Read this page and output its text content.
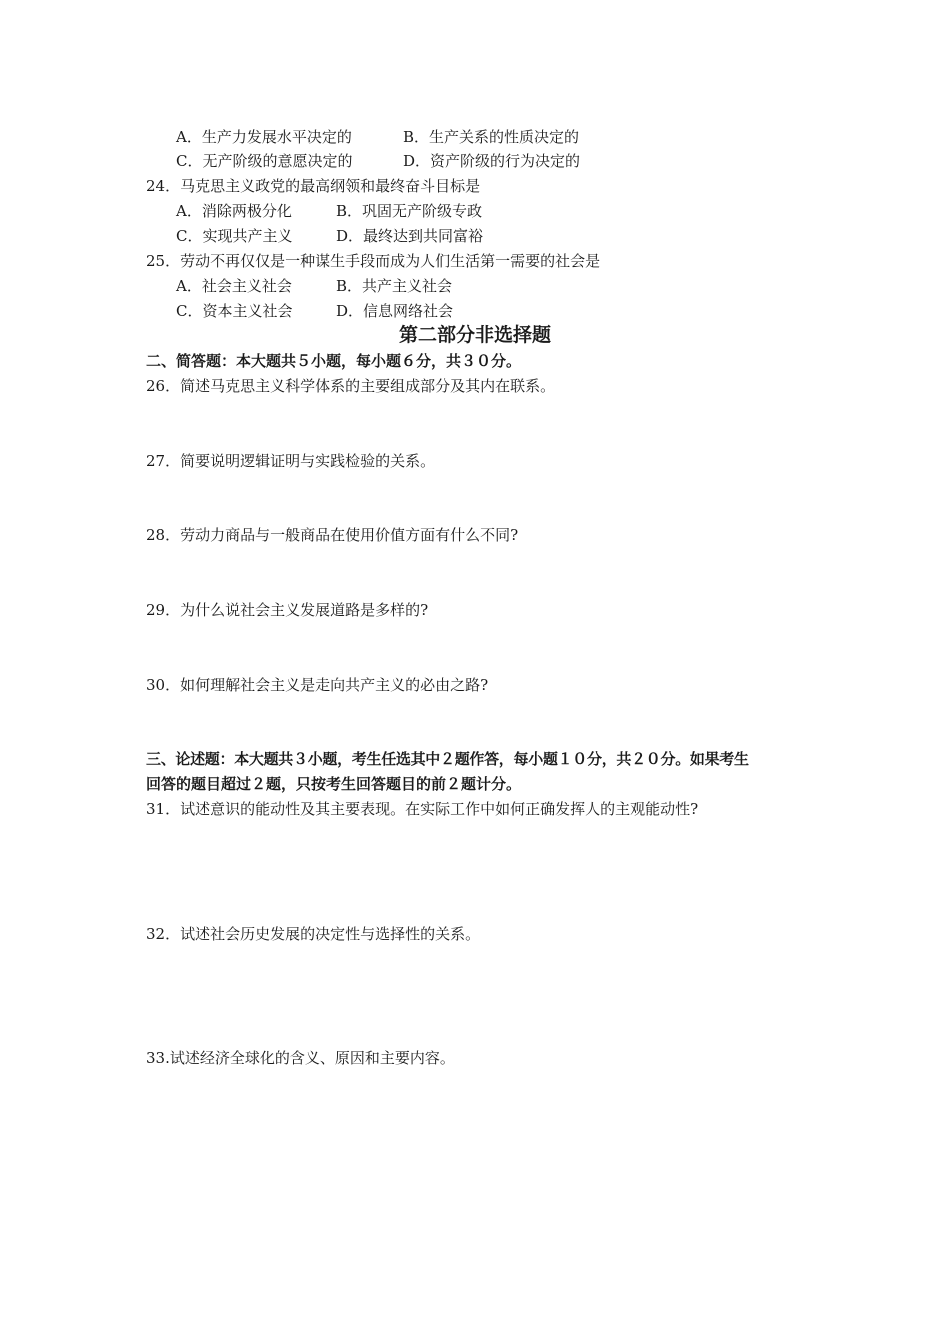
A．生产力发展水平决定的	B．生产关系的性质决定的
C．无产阶级的意愿决定的	D．资产阶级的行为决定的
24．马克思主义政党的最高纲领和最终奋斗目标是
A．消除两极分化	B．巩固无产阶级专政
C．实现共产主义	D．最终达到共同富裕
25．劳动不再仅仅是一种谋生手段而成为人们生活第一需要的社会是
A．社会主义社会	B．共产主义社会
C．资本主义社会	D．信息网络社会
第二部分非选择题
二、简答题：本大题共５小题，每小题６分，共３０分。
26．简述马克思主义科学体系的主要组成部分及其内在联系。
27．简要说明逻辑证明与实践检验的关系。
28．劳动力商品与一般商品在使用价值方面有什么不同?
29．为什么说社会主义发展道路是多样的?
30．如何理解社会主义是走向共产主义的必由之路?
三、论述题：本大题共３小题，考生任选其中２题作答，每小题１０分，共２０分。如果考生
回答的题目超过２题，只按考生回答题目的前２题计分。
31．试述意识的能动性及其主要表现。在实际工作中如何正确发挥人的主观能动性?
32．试述社会历史发展的决定性与选择性的关系。
33.试述经济全球化的含义、原因和主要内容。
